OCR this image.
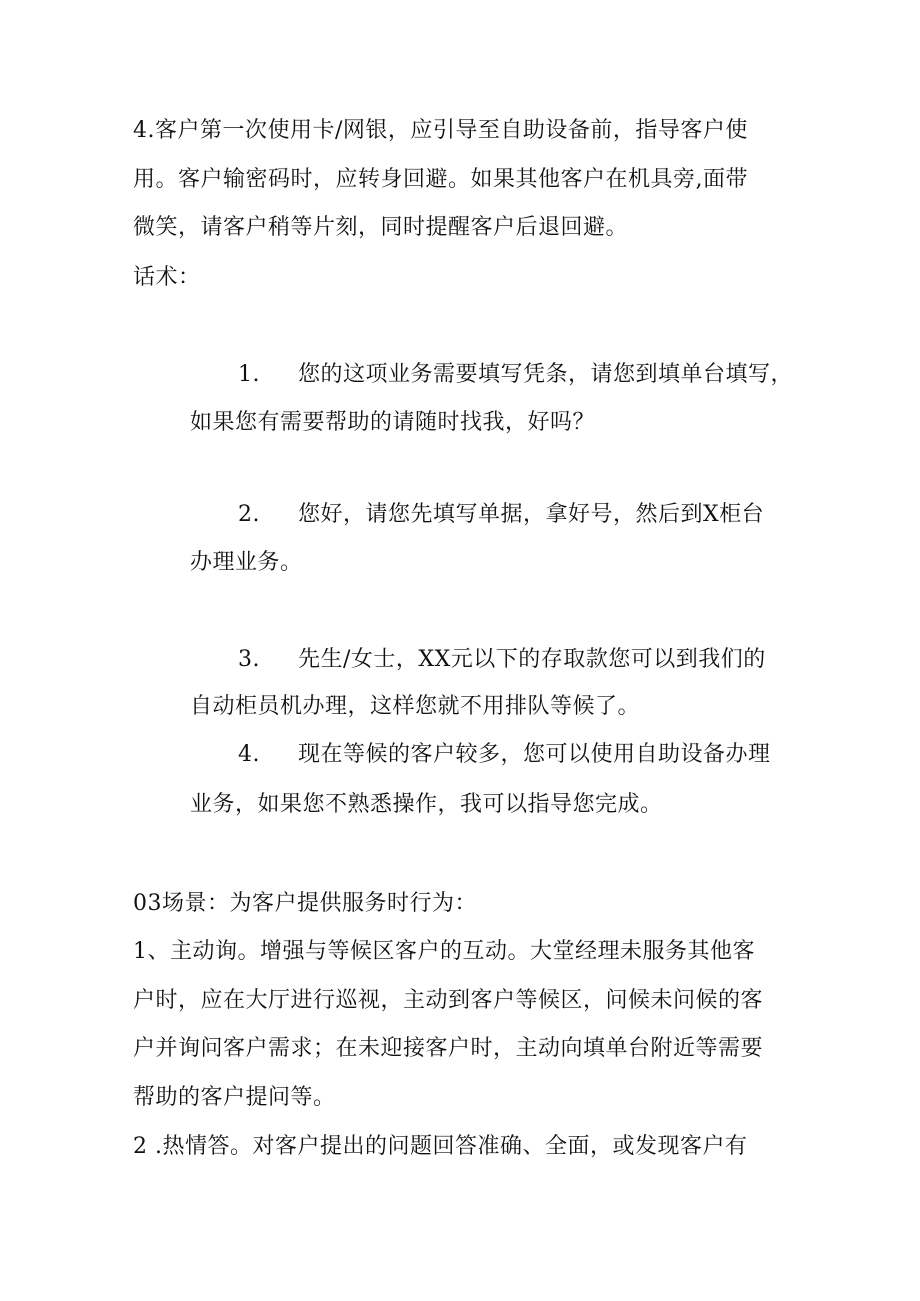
4.客户第一次使用卡/网银，应引导至自助设备前，指导客户使
用。客户输密码时，应转身回避。如果其他客户在机具旁,面带
微笑，请客户稍等片刻，同时提醒客户后退回避。
话术：
1. 您的这项业务需要填写凭条，请您到填单台填写，
如果您有需要帮助的请随时找我，好吗？
2. 您好，请您先填写单据，拿好号，然后到X柜台
办理业务。
3. 先生/女士，XX元以下的存取款您可以到我们的
自动柜员机办理，这样您就不用排队等候了。
4. 现在等候的客户较多，您可以使用自助设备办理
业务，如果您不熟悉操作，我可以指导您完成。
03场景：为客户提供服务时行为：
1、主动询。增强与等候区客户的互动。大堂经理未服务其他客
户时，应在大厅进行巡视，主动到客户等候区，问候未问候的客
户并询问客户需求；在未迎接客户时，主动向填单台附近等需要
帮助的客户提问等。
2 .热情答。对客户提出的问题回答准确、全面，或发现客户有
